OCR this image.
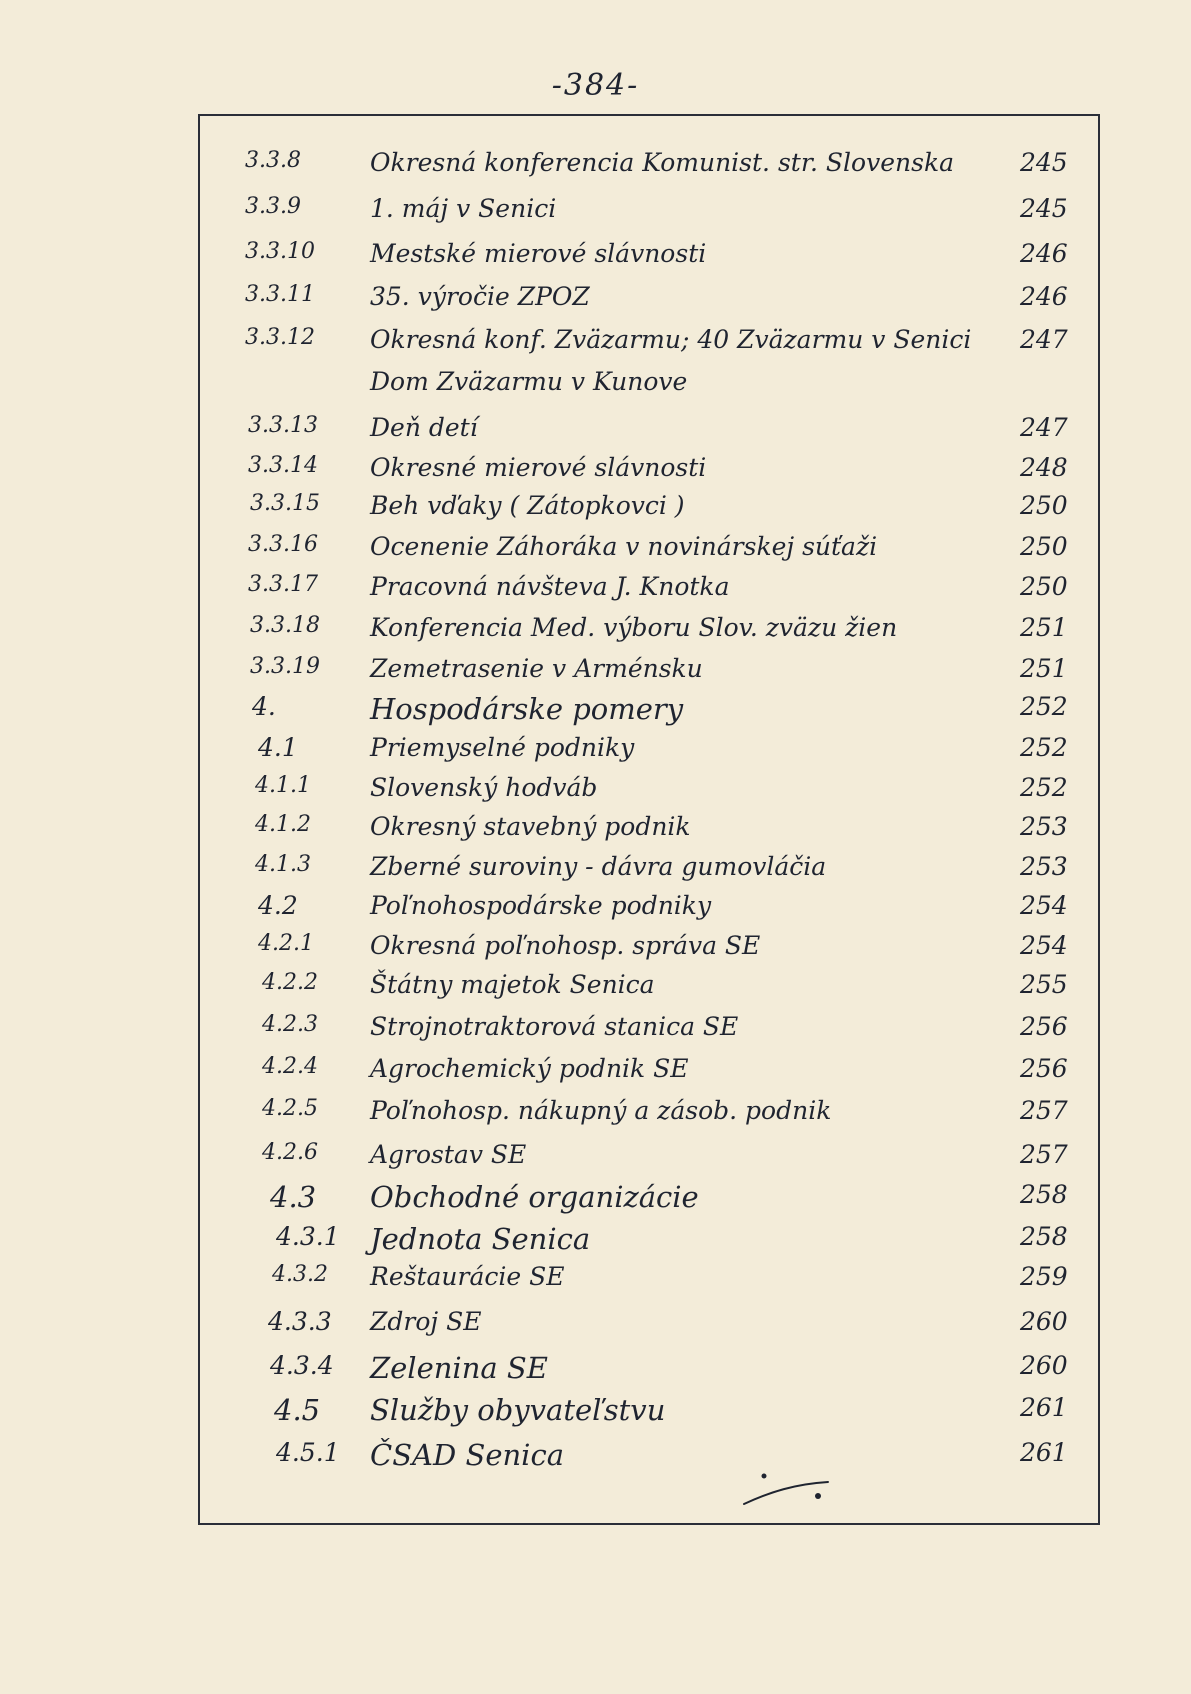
-384-
3.3.8	Okresná konferencia Komunist. str. Slovenska	245
3.3.9	1. máj v Senici	245
3.3.10 Mestské mierové slávnosti	246
3.3.11 35. výročie ZPOZ	246
3.3.12 Okresná konf. Zväzarmu; 40 Zväzarmu v Senici 247
Dom Zväzarmu v Kunove
3.3.13 Deň detí	247
3.3.14 Okresné mierové slávnosti	248
3.3.15 Beh vďaky ( Zátopkovci )	250
3.3.16 Ocenenie Záhoráka v novinárskej súťaži	250
3.3.17 Pracovná návšteva J. Knotka	250
3.3.18 Konferencia Med. výboru Slov. zväzu žien	251
3.3.19 Zemetrasenie v Arménsku	251
4.	Hospodárske pomery	252
4.1	Priemyselné podniky	252
4.1.1 Slovenský hodváb	252
4.1.2 Okresný stavebný podnik	253
4.1.3 Zberné suroviny - dávra gumovláčia	253
4.2	Poľnohospodárske podniky	254
4.2.1 Okresná poľnohosp. správa SE	254
4.2.2 Štátny majetok Senica	255
4.2.3 Strojnotraktorová stanica SE	256
4.2.4 Agrochemický podnik SE	256
4.2.5 Poľnohosp. nákupný a zásob. podnik	257
4.2.6 Agrostav SE	257
4.3 Obchodné organizácie	258
4.3.1 Jednota Senica	258
4.3.2 Reštaurácie SE	259
4.3.3 Zdroj SE	260
4.3.4 Zelenina SE	260
4.5 Služby obyvateľstvu	261
4.5.1 ČSAD Senica	261
